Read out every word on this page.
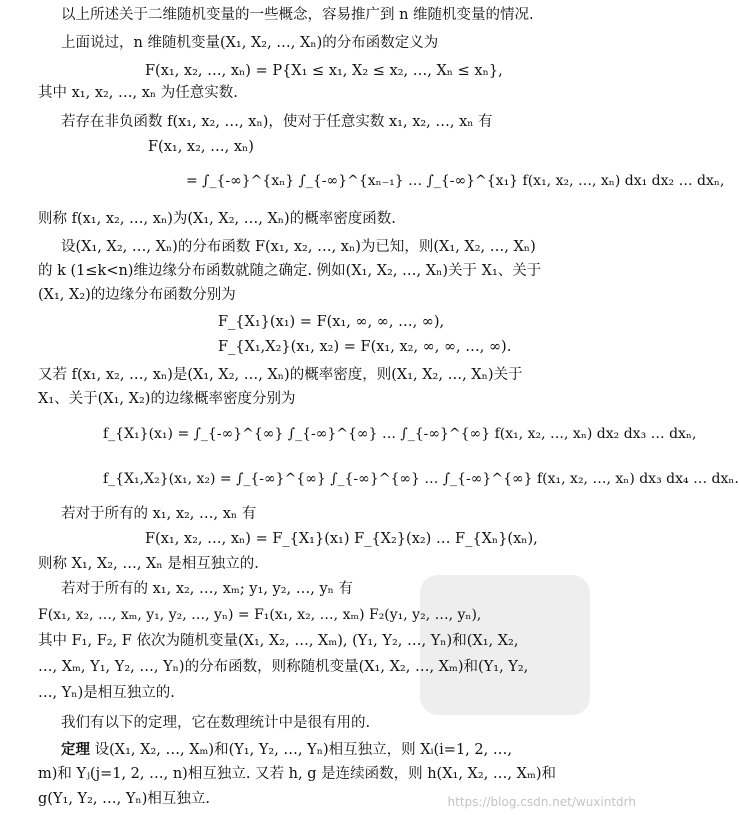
以上所述关于二维随机变量的一些概念，容易推广到 n 维随机变量的情况.
上面说过，n 维随机变量(X₁, X₂, …, Xₙ)的分布函数定义为
F(x₁, x₂, …, xₙ) = P{X₁ ≤ x₁, X₂ ≤ x₂, …, Xₙ ≤ xₙ},
其中 x₁, x₂, …, xₙ 为任意实数.
若存在非负函数 f(x₁, x₂, …, xₙ)，使对于任意实数 x₁, x₂, …, xₙ 有
F(x₁, x₂, …, xₙ)
= ∫_{-∞}^{xₙ} ∫_{-∞}^{xₙ₋₁} … ∫_{-∞}^{x₁} f(x₁, x₂, …, xₙ) dx₁ dx₂ … dxₙ,
则称 f(x₁, x₂, …, xₙ)为(X₁, X₂, …, Xₙ)的概率密度函数.
设(X₁, X₂, …, Xₙ)的分布函数 F(x₁, x₂, …, xₙ)为已知，则(X₁, X₂, …, Xₙ)
的 k (1≤k<n)维边缘分布函数就随之确定. 例如(X₁, X₂, …, Xₙ)关于 X₁、关于
(X₁, X₂)的边缘分布函数分别为
F_{X₁}(x₁) = F(x₁, ∞, ∞, …, ∞),
F_{X₁,X₂}(x₁, x₂) = F(x₁, x₂, ∞, ∞, …, ∞).
又若 f(x₁, x₂, …, xₙ)是(X₁, X₂, …, Xₙ)的概率密度，则(X₁, X₂, …, Xₙ)关于
X₁、关于(X₁, X₂)的边缘概率密度分别为
f_{X₁}(x₁) = ∫_{-∞}^{∞} ∫_{-∞}^{∞} … ∫_{-∞}^{∞} f(x₁, x₂, …, xₙ) dx₂ dx₃ … dxₙ,
f_{X₁,X₂}(x₁, x₂) = ∫_{-∞}^{∞} ∫_{-∞}^{∞} … ∫_{-∞}^{∞} f(x₁, x₂, …, xₙ) dx₃ dx₄ … dxₙ.
若对于所有的 x₁, x₂, …, xₙ 有
F(x₁, x₂, …, xₙ) = F_{X₁}(x₁) F_{X₂}(x₂) … F_{Xₙ}(xₙ),
则称 X₁, X₂, …, Xₙ 是相互独立的.
若对于所有的 x₁, x₂, …, xₘ; y₁, y₂, …, yₙ 有
F(x₁, x₂, …, xₘ, y₁, y₂, …, yₙ) = F₁(x₁, x₂, …, xₘ) F₂(y₁, y₂, …, yₙ),
其中 F₁, F₂, F 依次为随机变量(X₁, X₂, …, Xₘ), (Y₁, Y₂, …, Yₙ)和(X₁, X₂,
…, Xₘ, Y₁, Y₂, …, Yₙ)的分布函数，则称随机变量(X₁, X₂, …, Xₘ)和(Y₁, Y₂,
…, Yₙ)是相互独立的.
我们有以下的定理，它在数理统计中是很有用的.
定理 设(X₁, X₂, …, Xₘ)和(Y₁, Y₂, …, Yₙ)相互独立，则 Xᵢ(i=1, 2, …,
m)和 Yⱼ(j=1, 2, …, n)相互独立. 又若 h, g 是连续函数，则 h(X₁, X₂, …, Xₘ)和
g(Y₁, Y₂, …, Yₙ)相互独立.	https://blog.csdn.net/wuxintdrh
